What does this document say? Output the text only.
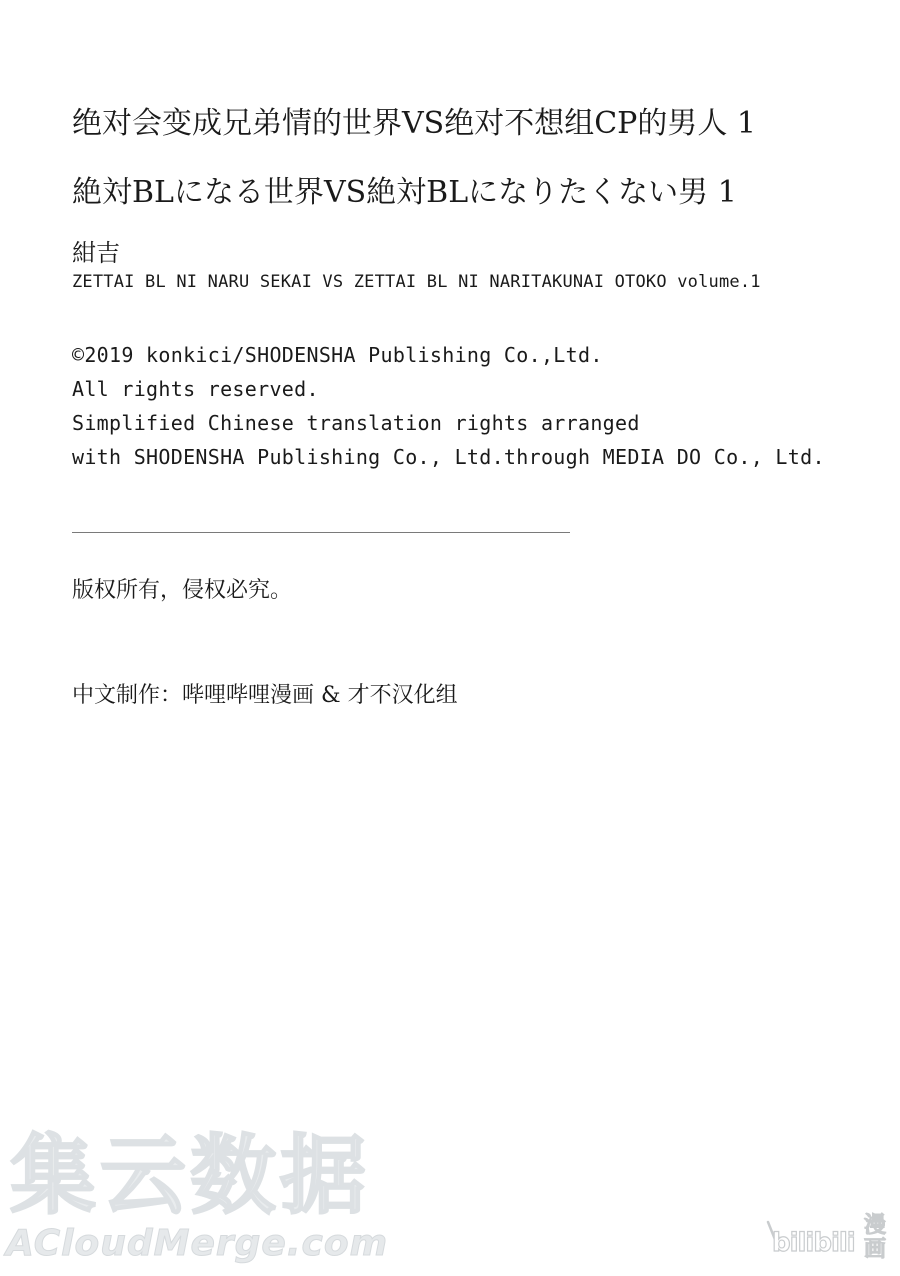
绝对会变成兄弟情的世界VS绝对不想组CP的男人 1
絶対BLになる世界VS絶対BLになりたくない男 1
紺吉
ZETTAI BL NI NARU SEKAI VS ZETTAI BL NI NARITAKUNAI OTOKO volume.1
©2019 konkici/SHODENSHA Publishing Co.,Ltd.
All rights reserved.
Simplified Chinese translation rights arranged
with SHODENSHA Publishing Co., Ltd.through MEDIA DO Co., Ltd.
版权所有，侵权必究。
中文制作：哔哩哔哩漫画 & 才不汉化组
集云数据
ACloudMerge.com	bilibili
漫画
